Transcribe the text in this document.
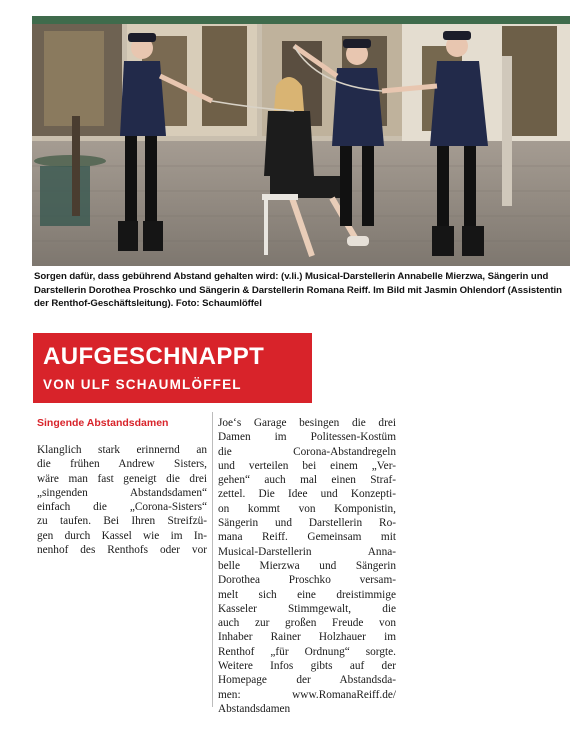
Sorgen dafür, dass gebührend Abstand gehalten wird: (v.li.) Musical-Darstellerin Annabelle Mierzwa, Sängerin und Darstellerin Dorothea Proschko und Sängerin & Darstellerin Romana Reiff. Im Bild mit Jasmin Ohlendorf (Assistentin der Renthof-Geschäftsleitung). Foto: Schaumlöffel
AUFGESCHNAPPT
VON ULF SCHAUMLÖFFEL
Singende Abstandsdamen
Klanglich stark erinnernd an
die frühen Andrew Sisters,
wäre man fast geneigt die drei
„singenden Abstandsdamen“
einfach die „Corona-Sisters“
zu taufen. Bei Ihren Streifzü-
gen durch Kassel wie im In-
nenhof des Renthofs oder vor
Joe‘s Garage besingen die drei
Damen im Politessen-Kostüm
die Corona-Abstandregeln
und verteilen bei einem „Ver-
gehen“ auch mal einen Straf-
zettel. Die Idee und Konzepti-
on kommt von Komponistin,
Sängerin und Darstellerin Ro-
mana Reiff. Gemeinsam mit
Musical-Darstellerin Anna-
belle Mierzwa und Sängerin
Dorothea Proschko versam-
melt sich eine dreistimmige
Kasseler Stimmgewalt, die
auch zur großen Freude von
Inhaber Rainer Holzhauer im
Renthof „für Ordnung“ sorgte.
Weitere Infos gibts auf der
Homepage der Abstandsda-
men: www.RomanaReiff.de/
Abstandsdamen
